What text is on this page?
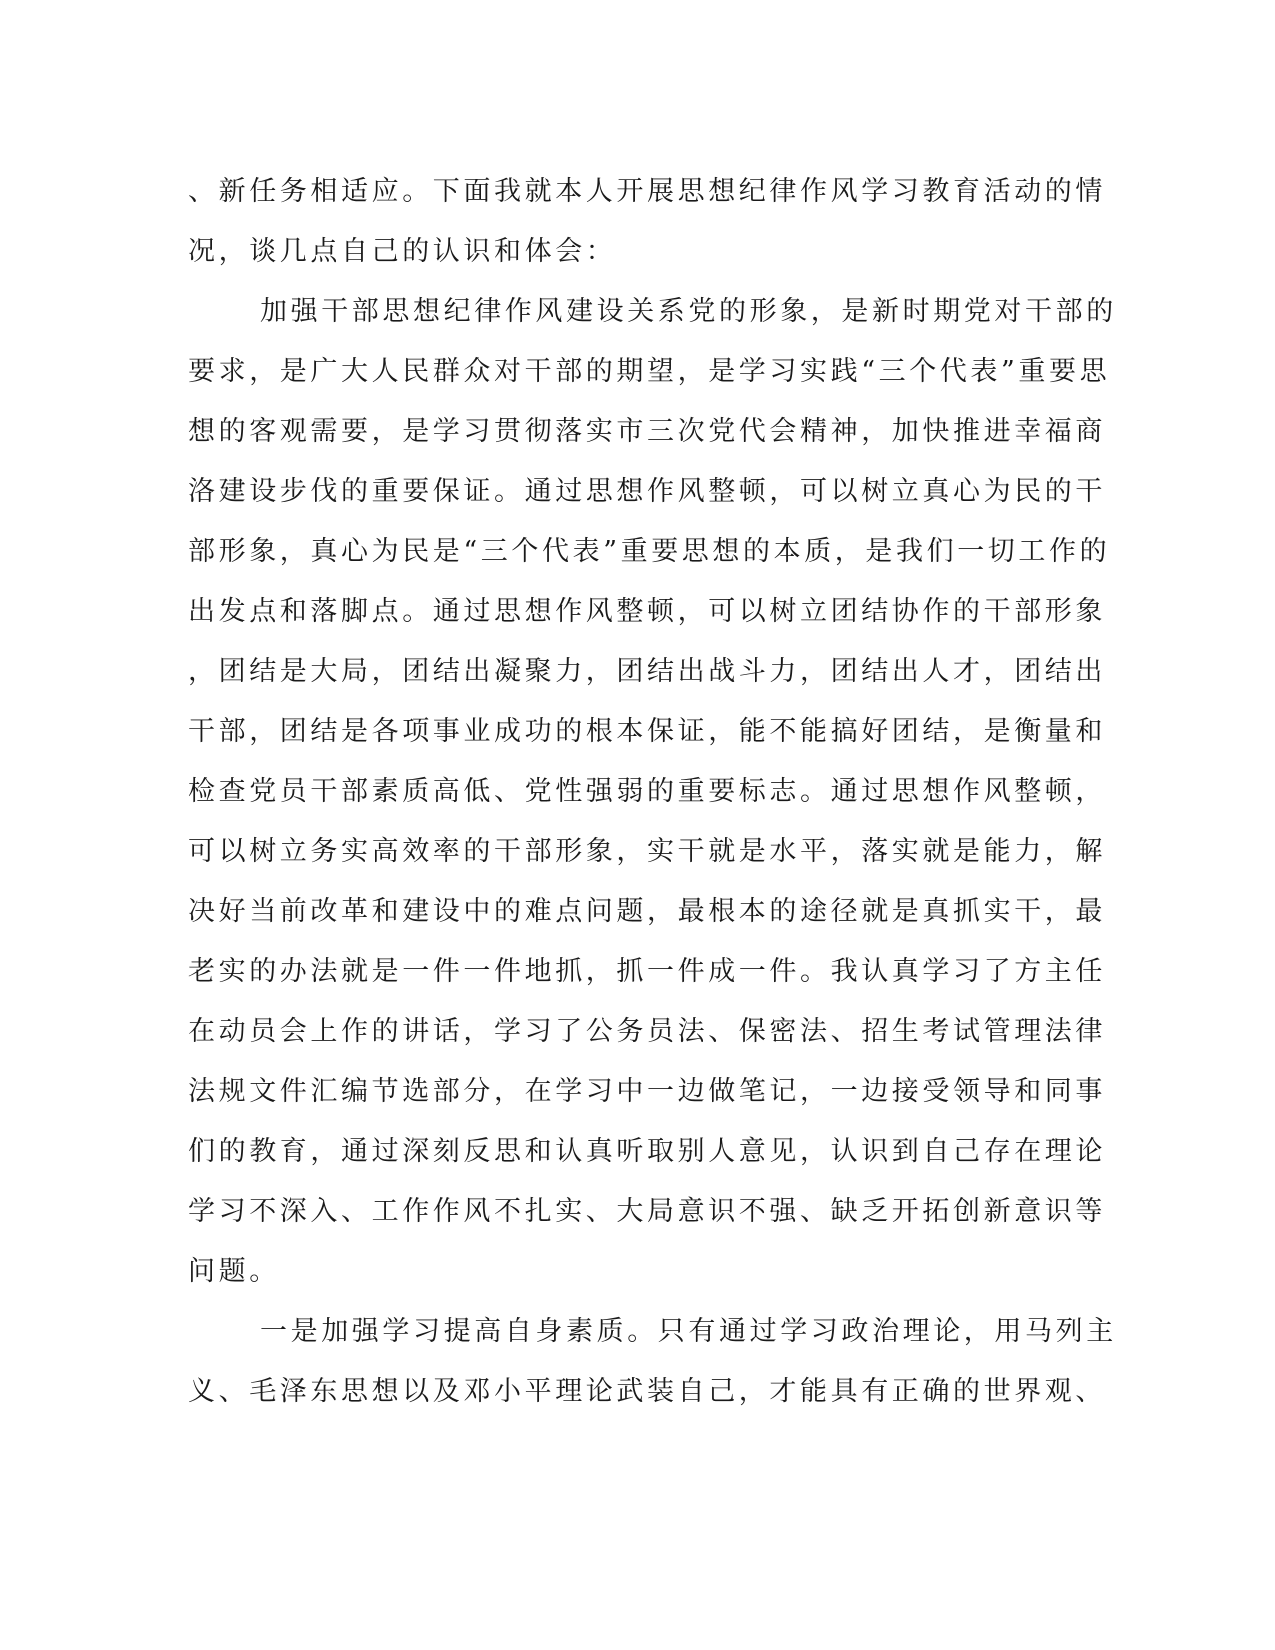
、新任务相适应。下面我就本人开展思想纪律作风学习教育活动的情
况，谈几点自己的认识和体会：
加强干部思想纪律作风建设关系党的形象，是新时期党对干部的
要求，是广大人民群众对干部的期望，是学习实践“三个代表”重要思
想的客观需要，是学习贯彻落实市三次党代会精神，加快推进幸福商
洛建设步伐的重要保证。通过思想作风整顿，可以树立真心为民的干
部形象，真心为民是“三个代表”重要思想的本质，是我们一切工作的
出发点和落脚点。通过思想作风整顿，可以树立团结协作的干部形象
，团结是大局，团结出凝聚力，团结出战斗力，团结出人才，团结出
干部，团结是各项事业成功的根本保证，能不能搞好团结，是衡量和
检查党员干部素质高低、党性强弱的重要标志。通过思想作风整顿，
可以树立务实高效率的干部形象，实干就是水平，落实就是能力，解
决好当前改革和建设中的难点问题，最根本的途径就是真抓实干，最
老实的办法就是一件一件地抓，抓一件成一件。我认真学习了方主任
在动员会上作的讲话，学习了公务员法、保密法、招生考试管理法律
法规文件汇编节选部分，在学习中一边做笔记，一边接受领导和同事
们的教育，通过深刻反思和认真听取别人意见，认识到自己存在理论
学习不深入、工作作风不扎实、大局意识不强、缺乏开拓创新意识等
问题。
一是加强学习提高自身素质。只有通过学习政治理论，用马列主
义、毛泽东思想以及邓小平理论武装自己，才能具有正确的世界观、
